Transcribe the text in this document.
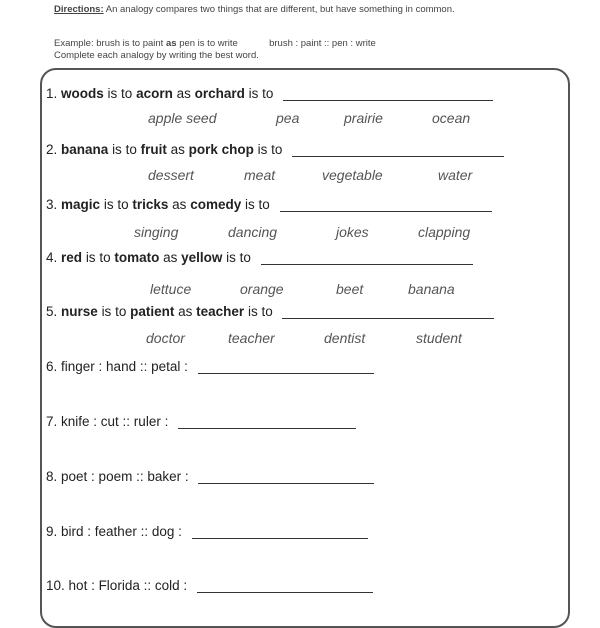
Directions: An analogy compares two things that are different, but have something in common.
Example: brush is to paint as pen is to write	brush : paint :: pen : write
Complete each analogy by writing the best word.
1. woods is to acorn as orchard is to
apple seed	pea	prairie	ocean
2. banana is to fruit as pork chop is to
dessert	meat	vegetable	water
3. magic is to tricks as comedy is to
singing	dancing	jokes	clapping
4. red is to tomato as yellow is to
lettuce	orange	beet	banana
5. nurse is to patient as teacher is to
doctor	teacher	dentist	student
6. finger : hand :: petal :
7. knife : cut :: ruler :
8. poet : poem :: baker :
9. bird : feather :: dog :
10. hot : Florida :: cold :
